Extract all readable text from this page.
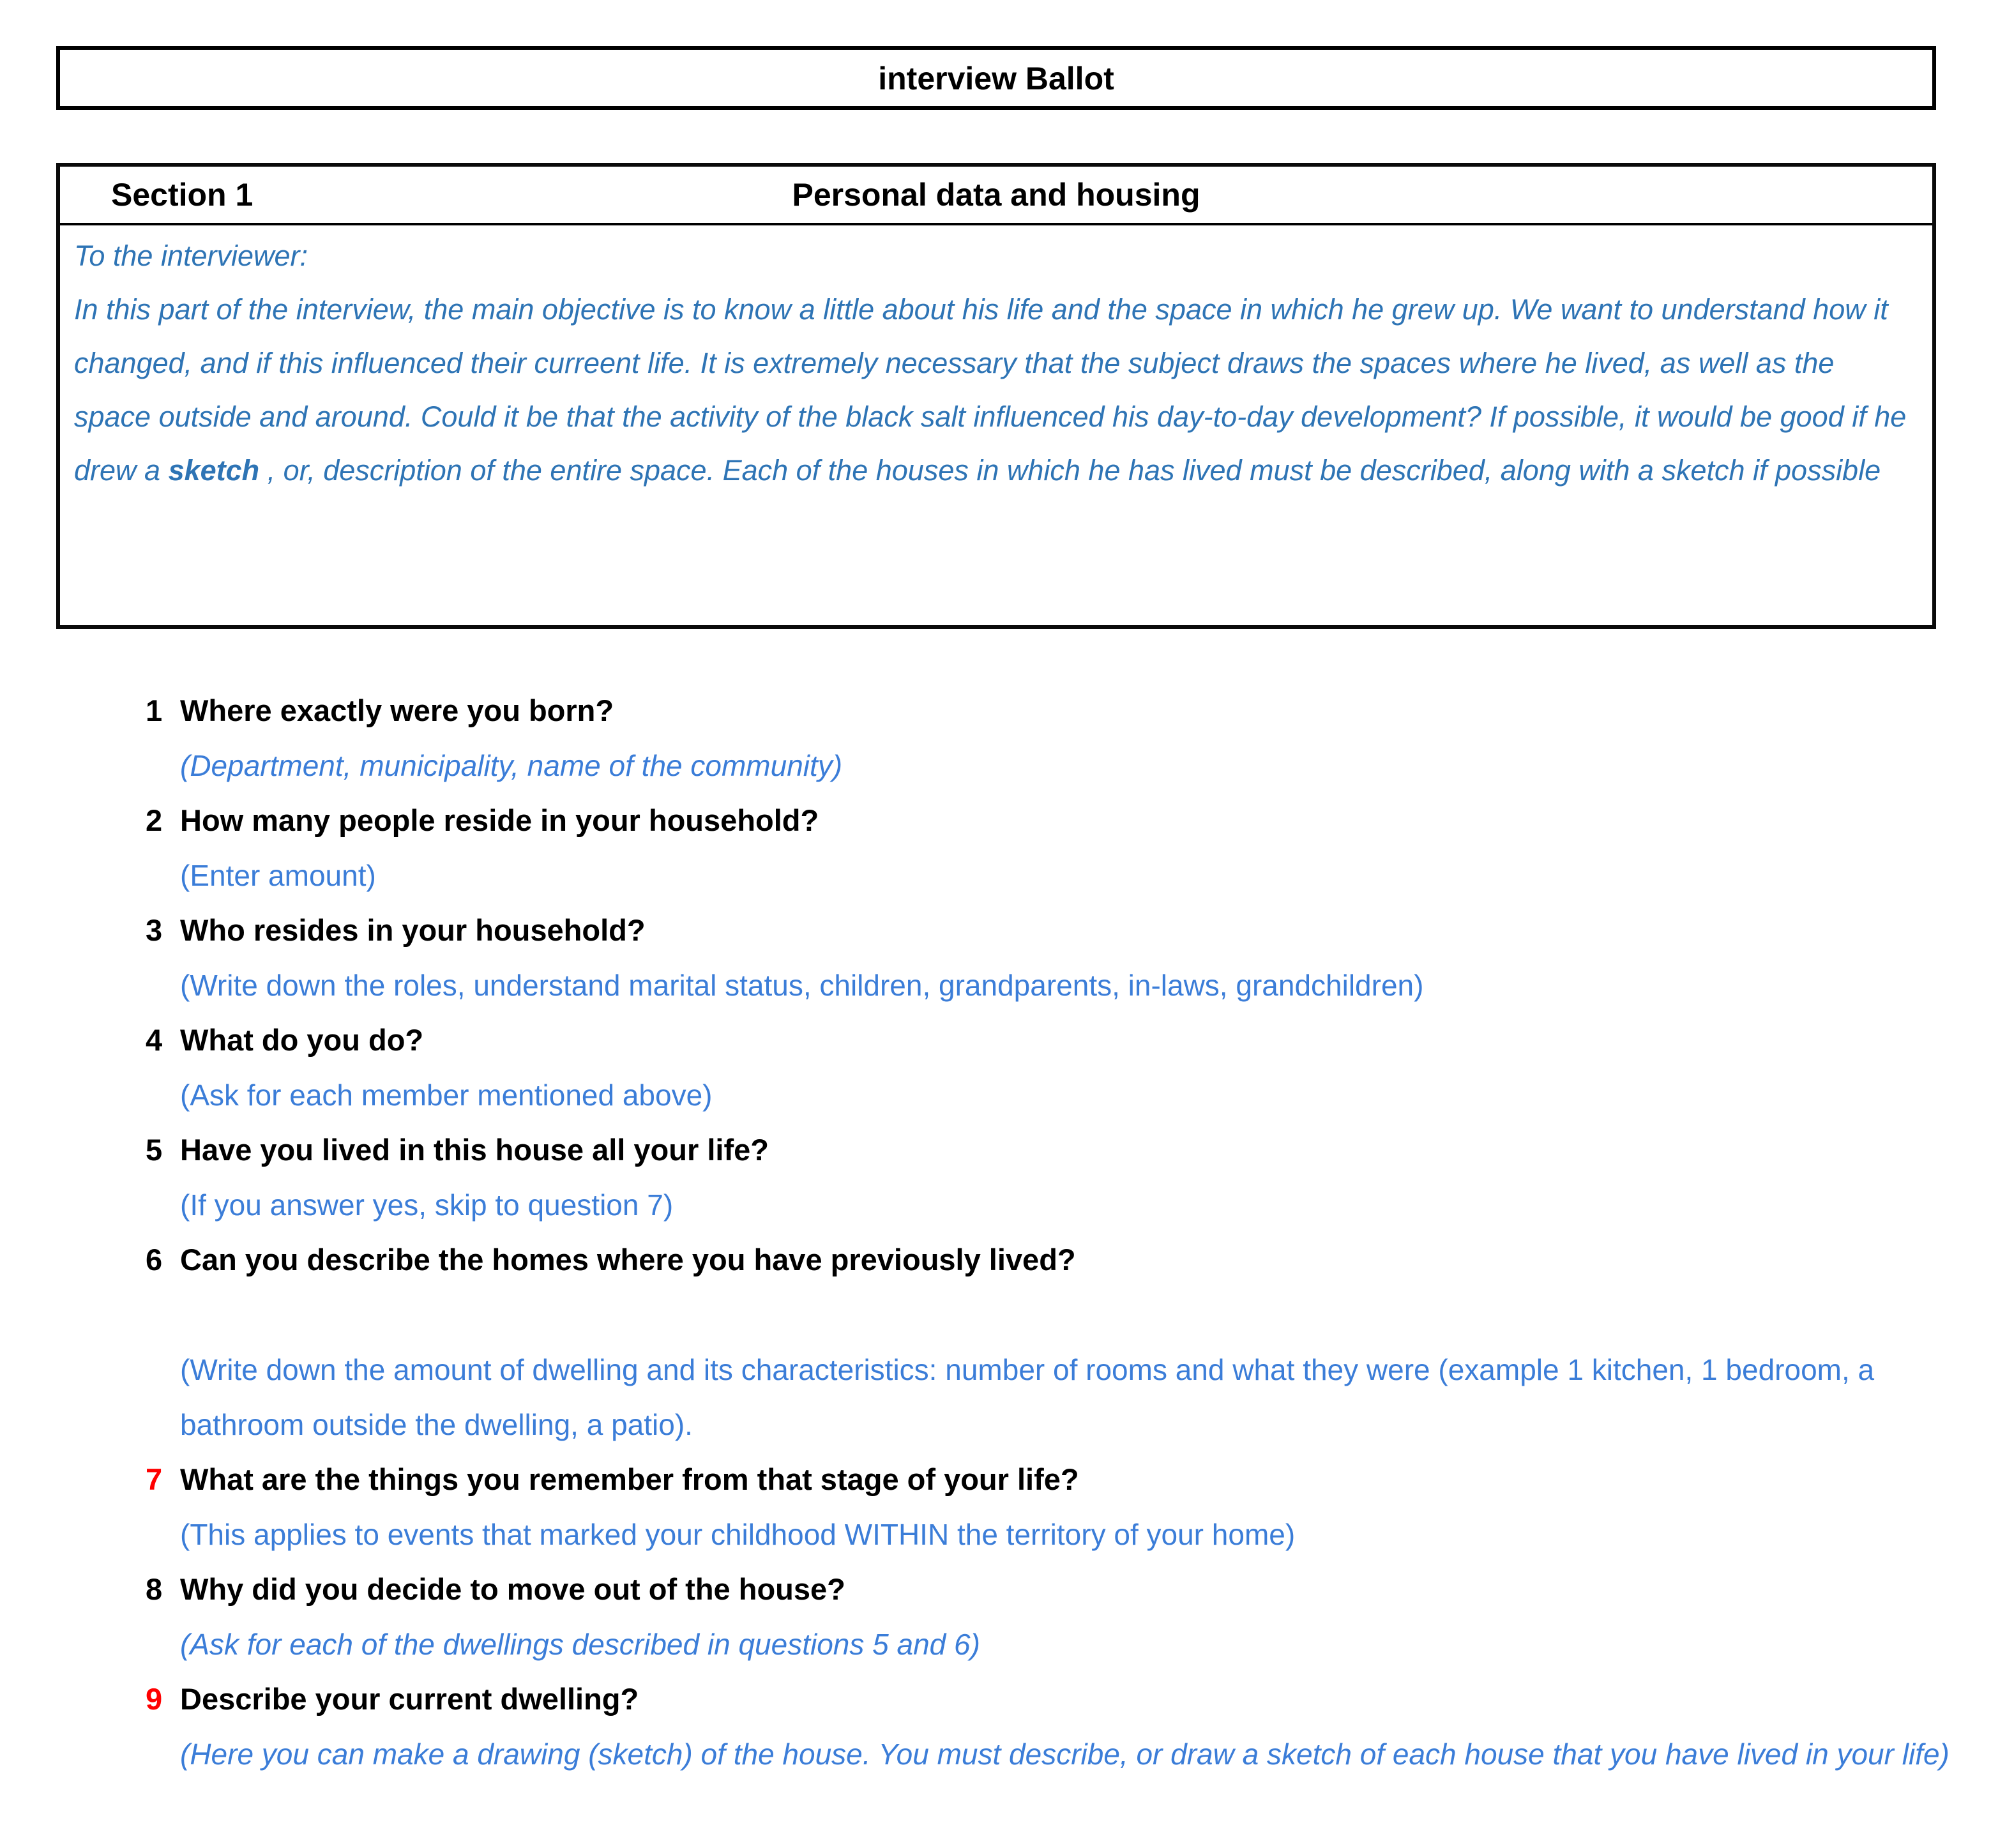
interview Ballot
Section 1	Personal data and housing
To the interviewer:
In this part of the interview, the main objective is to know a little about his life and the space in which he grew up. We want to understand how it changed, and if this influenced their curreent life. It is extremely necessary that the subject draws the spaces where he lived, as well as the space outside and around. Could it be that the activity of the black salt influenced his day-to-day development? If possible, it would be good if he drew a sketch , or, description of the entire space. Each of the houses in which he has lived must be described, along with a sketch if possible
1 Where exactly were you born?
(Department, municipality, name of the community)
2 How many people reside in your household?
(Enter amount)
3 Who resides in your household?
(Write down the roles, understand marital status, children, grandparents, in-laws, grandchildren)
4 What do you do?
(Ask for each member mentioned above)
5 Have you lived in this house all your life?
(If you answer yes, skip to question 7)
6 Can you describe the homes where you have previously lived?
(Write down the amount of dwelling and its characteristics: number of rooms and what they were (example 1 kitchen, 1 bedroom, a bathroom outside the dwelling, a patio).
7 What are the things you remember from that stage of your life?
(This applies to events that marked your childhood WITHIN the territory of your home)
8 Why did you decide to move out of the house?
(Ask for each of the dwellings described in questions 5 and 6)
9 Describe your current dwelling?
(Here you can make a drawing (sketch) of the house. You must describe, or draw a sketch of each house that you have lived in your life)
